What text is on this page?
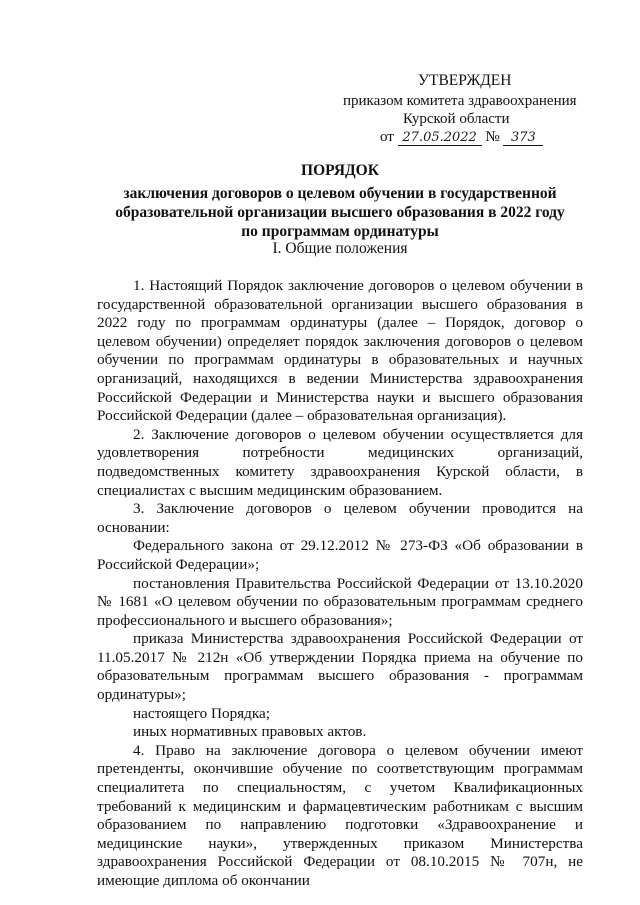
УТВЕРЖДЕН
приказом комитета здравоохранения
Курской области
от 27.05.2022 № 373
ПОРЯДОК
заключения договоров о целевом обучении в государственной
образовательной организации высшего образования в 2022 году
по программам ординатуры
I. Общие положения

1. Настоящий Порядок заключение договоров о целевом обучении в государственной образовательной организации высшего образования в 2022 году по программам ординатуры (далее – Порядок, договор о целевом обучении) определяет порядок заключения договоров о целевом обучении по программам ординатуры в образовательных и научных организаций, находящихся в ведении Министерства здравоохранения Российской Федерации и Министерства науки и высшего образования Российской Федерации (далее – образовательная организация).

2. Заключение договоров о целевом обучении осуществляется для удовлетворения потребности медицинских организаций, подведомственных комитету здравоохранения Курской области, в специалистах с высшим медицинским образованием.

3. Заключение договоров о целевом обучении проводится на основании:

Федерального закона от 29.12.2012 № 273-ФЗ «Об образовании в Российской Федерации»;

постановления Правительства Российской Федерации от 13.10.2020 № 1681 «О целевом обучении по образовательным программам среднего профессионального и высшего образования»;

приказа Министерства здравоохранения Российской Федерации от 11.05.2017 № 212н «Об утверждении Порядка приема на обучение по образовательным программам высшего образования - программам ординатуры»;

настоящего Порядка;

иных нормативных правовых актов.

4. Право на заключение договора о целевом обучении имеют претенденты, окончившие обучение по соответствующим программам специалитета по специальностям, с учетом Квалификационных требований к медицинским и фармацевтическим работникам с высшим образованием по направлению подготовки «Здравоохранение и медицинские науки», утвержденных приказом Министерства здравоохранения Российской Федерации от 08.10.2015 № 707н, не имеющие диплома об окончании
